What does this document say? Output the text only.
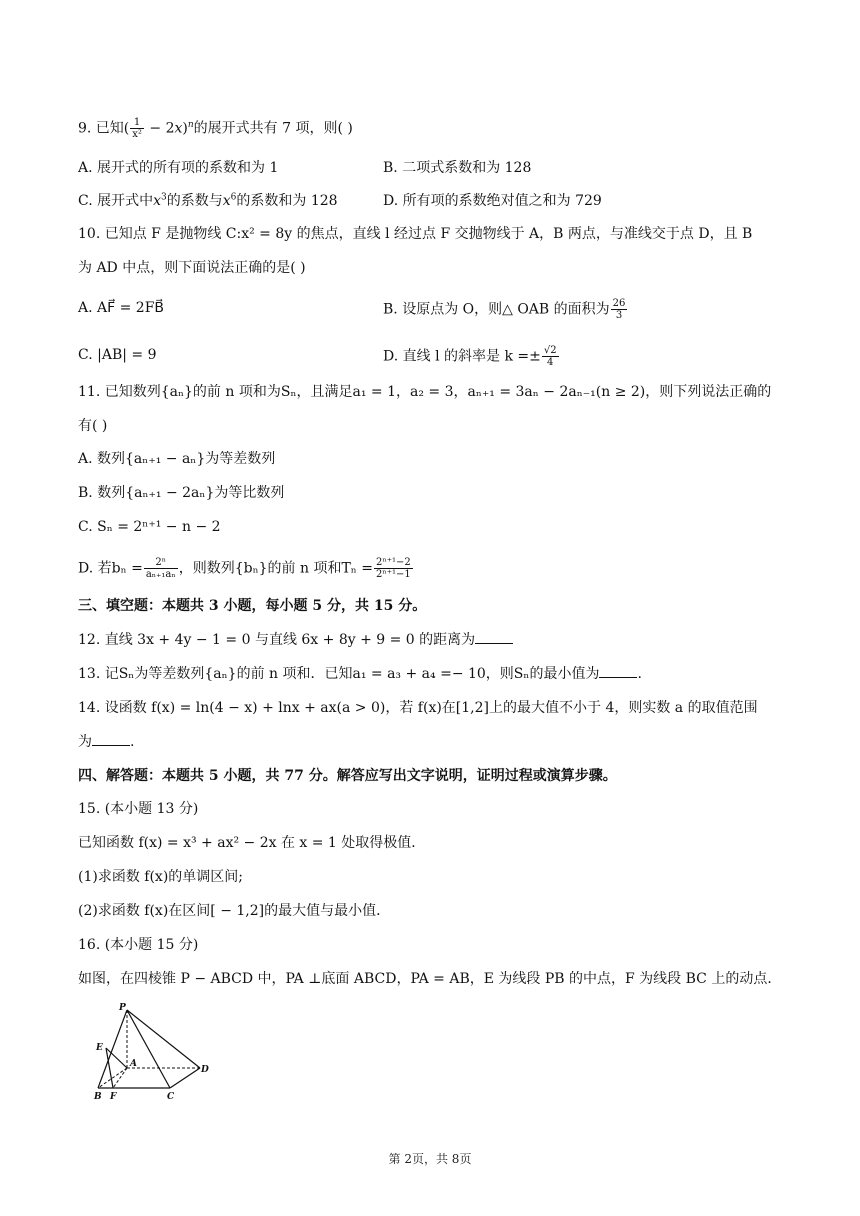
9. 已知( $\frac{1}{\text{x²}} - 2x)^n$的展开式共有 7 项，则( )
A. 展开式的所有项的系数和为 1	B. 二项式系数和为 128
C. 展开式中$x^3$的系数与$x^6$的系数和为 128	D. 所有项的系数绝对值之和为 729
10. 已知点 F 是抛物线 C:x² = 8y 的焦点，直线 l 经过点 F 交抛物线于 A，B 两点，与准线交于点 D，且 B
为 AD 中点，则下面说法正确的是( )
A. AF⃗ = 2FB⃗	B. 设原点为 O，则△ OAB 的面积为 $\frac{26}{3}$
C. |AB| = 9	D. 直线 l 的斜率是 $k =\pm \frac{√2}{4}$
11. 已知数列{aₙ}的前 n 项和为Sₙ，且满足a₁ = 1，a₂ = 3，aₙ₊₁ = 3aₙ − 2aₙ₋₁(n ≥ 2)，则下列说法正确的
有( )
A. 数列{aₙ₊₁ − aₙ}为等差数列
B. 数列{aₙ₊₁ − 2aₙ}为等比数列
C. Sₙ = 2ⁿ⁺¹ − n − 2
D. 若$b_n = \frac{\text{2ⁿ}}{\text{aₙ₊₁aₙ}}$ ，则数列{bₙ}的前 n 项和$T_n = \frac{\text{2ⁿ⁺¹−2}}{\text{2ⁿ⁺¹−1}}$
三、填空题：本题共 3 小题，每小题 5 分，共 15 分。
12. 直线 3x + 4y − 1 = 0 与直线 6x + 8y + 9 = 0 的距离为
13. 记Sₙ为等差数列{aₙ}的前 n 项和．已知a₁ = a₃ + a₄ =− 10，则Sₙ的最小值为	.
14. 设函数 f(x) = ln(4 − x) + lnx + ax(a > 0)，若 f(x)在[1,2]上的最大值不小于 4，则实数 a 的取值范围
为	.
四、解答题：本题共 5 小题，共 77 分。解答应写出文字说明，证明过程或演算步骤。
15. (本小题 13 分)
已知函数 f(x) = x³ + ax² − 2x 在 x = 1 处取得极值．
(1)求函数 f(x)的单调区间;
(2)求函数 f(x)在区间[ − 1,2]的最大值与最小值．
16. (本小题 15 分)
如图，在四棱锥 P − ABCD 中，PA ⊥底面 ABCD，PA = AB，E 为线段 PB 的中点，F 为线段 BC 上的动点．
P
E
A
D
B F	C
第 2页，共 8页
